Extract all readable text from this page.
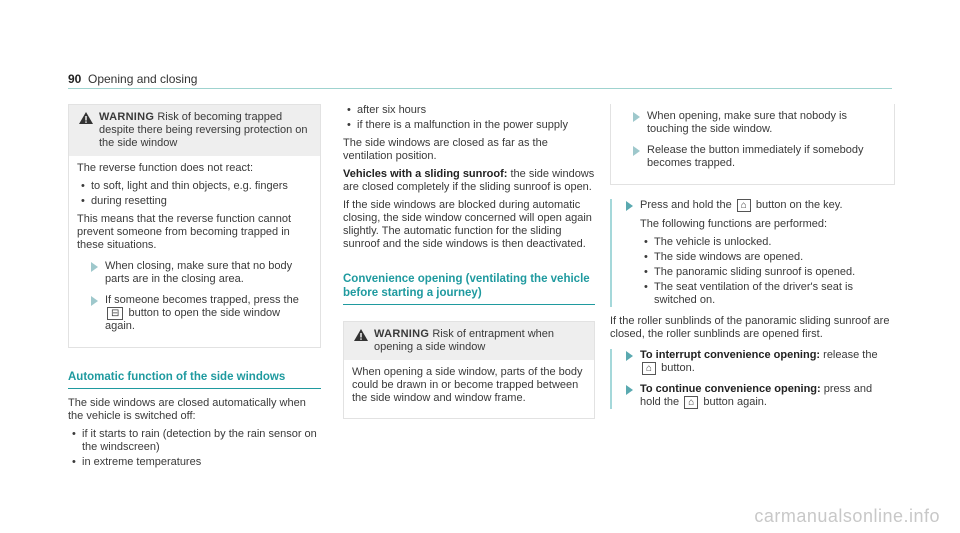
90 Opening and closing
WARNING Risk of becoming trapped despite there being reversing protection on the side window

The reverse function does not react:

• to soft, light and thin objects, e.g. fingers
• during resetting

This means that the reverse function cannot prevent someone from becoming trapped in these situations.

When closing, make sure that no body parts are in the closing area.
If someone becomes trapped, press the ⊟ button to open the side window again.
Automatic function of the side windows

The side windows are closed automatically when the vehicle is switched off:

• if it starts to rain (detection by the rain sensor on the windscreen)
• in extreme temperatures
• after six hours
• if there is a malfunction in the power supply

The side windows are closed as far as the ventilation position.

Vehicles with a sliding sunroof: the side windows are closed completely if the sliding sunroof is open.

If the side windows are blocked during automatic closing, the side window concerned will open again slightly. The automatic function for the sliding sunroof and the side windows is then deactivated.

Convenience opening (ventilating the vehicle before starting a journey)
WARNING Risk of entrapment when opening a side window

When opening a side window, parts of the body could be drawn in or become trapped between the side window and window frame.

When opening, make sure that nobody is touching the side window.
Release the button immediately if somebody becomes trapped.
Press and hold the ⌂ button on the key.

The following functions are performed:

• The vehicle is unlocked.
• The side windows are opened.
• The panoramic sliding sunroof is opened.
• The seat ventilation of the driver's seat is switched on.

If the roller sunblinds of the panoramic sliding sunroof are closed, the roller sunblinds are opened first.

To interrupt convenience opening: release the ⌂ button.
To continue convenience opening: press and hold the ⌂ button again.
carmanualsonline.info
